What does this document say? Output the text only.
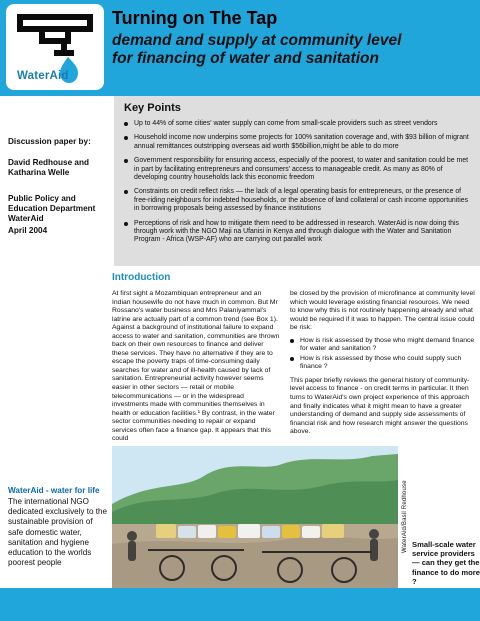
WaterAid
Turning on The Tap
demand and supply at community level
for financing of water and sanitation
Discussion paper by:
David Redhouse and
Katharina Welle
Public Policy and
Education Department
WaterAid
April 2004
Key Points
Up to 44% of some cities' water supply can come from small-scale providers such as street vendors
Household income now underpins some projects for 100% sanitation coverage and, with $93 billion of migrant annual remittances outstripping overseas aid worth $56billion,might be able to do more
Government responsibility for ensuring access, especially of the poorest, to water and sanitation could be met in part by facilitating entrepreneurs and consumers' access to manageable credit. As many as 80% of developing country households lack this economic freedom
Constraints on credit reflect risks — the lack of a legal operating basis for entrepreneurs, or the presence of free-riding neighbours for indebted households, or the absence of land collateral or cash income opportunities in borrowing proposals being assessed by finance institutions
Perceptions of risk and how to mitigate them need to be addressed in research. WaterAid is now doing this through work with the NGO Maji na Ufanisi in Kenya and through dialogue with the Water and Sanitation Program - Africa (WSP-AF) who are carrying out parallel work
Introduction

At first sight a Mozambiquan entrepreneur and an Indian housewife do not have much in common. But Mr Rossano's water business and Mrs Palaniyammal's latrine are actually part of a common trend (see Box 1). Against a background of institutional failure to expand access to water and sanitation, communities are thrown back on their own resources to finance and deliver these services. They have no alternative if they are to escape the poverty traps of time-consuming daily searches for water and of ill-health caused by lack of sanitation. Entrepreneurial activity however seems easier in other sectors — retail or mobile telecommunications — or in the widespread investments made with communities themselves in health or education facilities.¹ By contrast, in the water sector communities needing to repair or expand services often face a finance gap. It appears that this could

be closed by the provision of microfinance at community level which would leverage existing financial resources. We need to know why this is not routinely happening already and what would be required if it was to happen. The central issue could be risk:

How is risk assessed by those who might demand finance for water and sanitation ?
How is risk assessed by those who could supply such finance ?

This paper briefly reviews the general history of community-level access to finance - on credit terms in particular. It then turns to WaterAid's own project experience of this approach and finally indicates what it might mean to have a greater understanding of demand and supply side assessments of financial risk and how research might answer the questions above.

WaterAid/Basil Redhouse
WaterAid - water for life
The international NGO dedicated exclusively to the sustainable provision of safe domestic water, sanitation and hygiene education to the worlds poorest people
Small-scale water service providers — can they get the finance to do more ?
